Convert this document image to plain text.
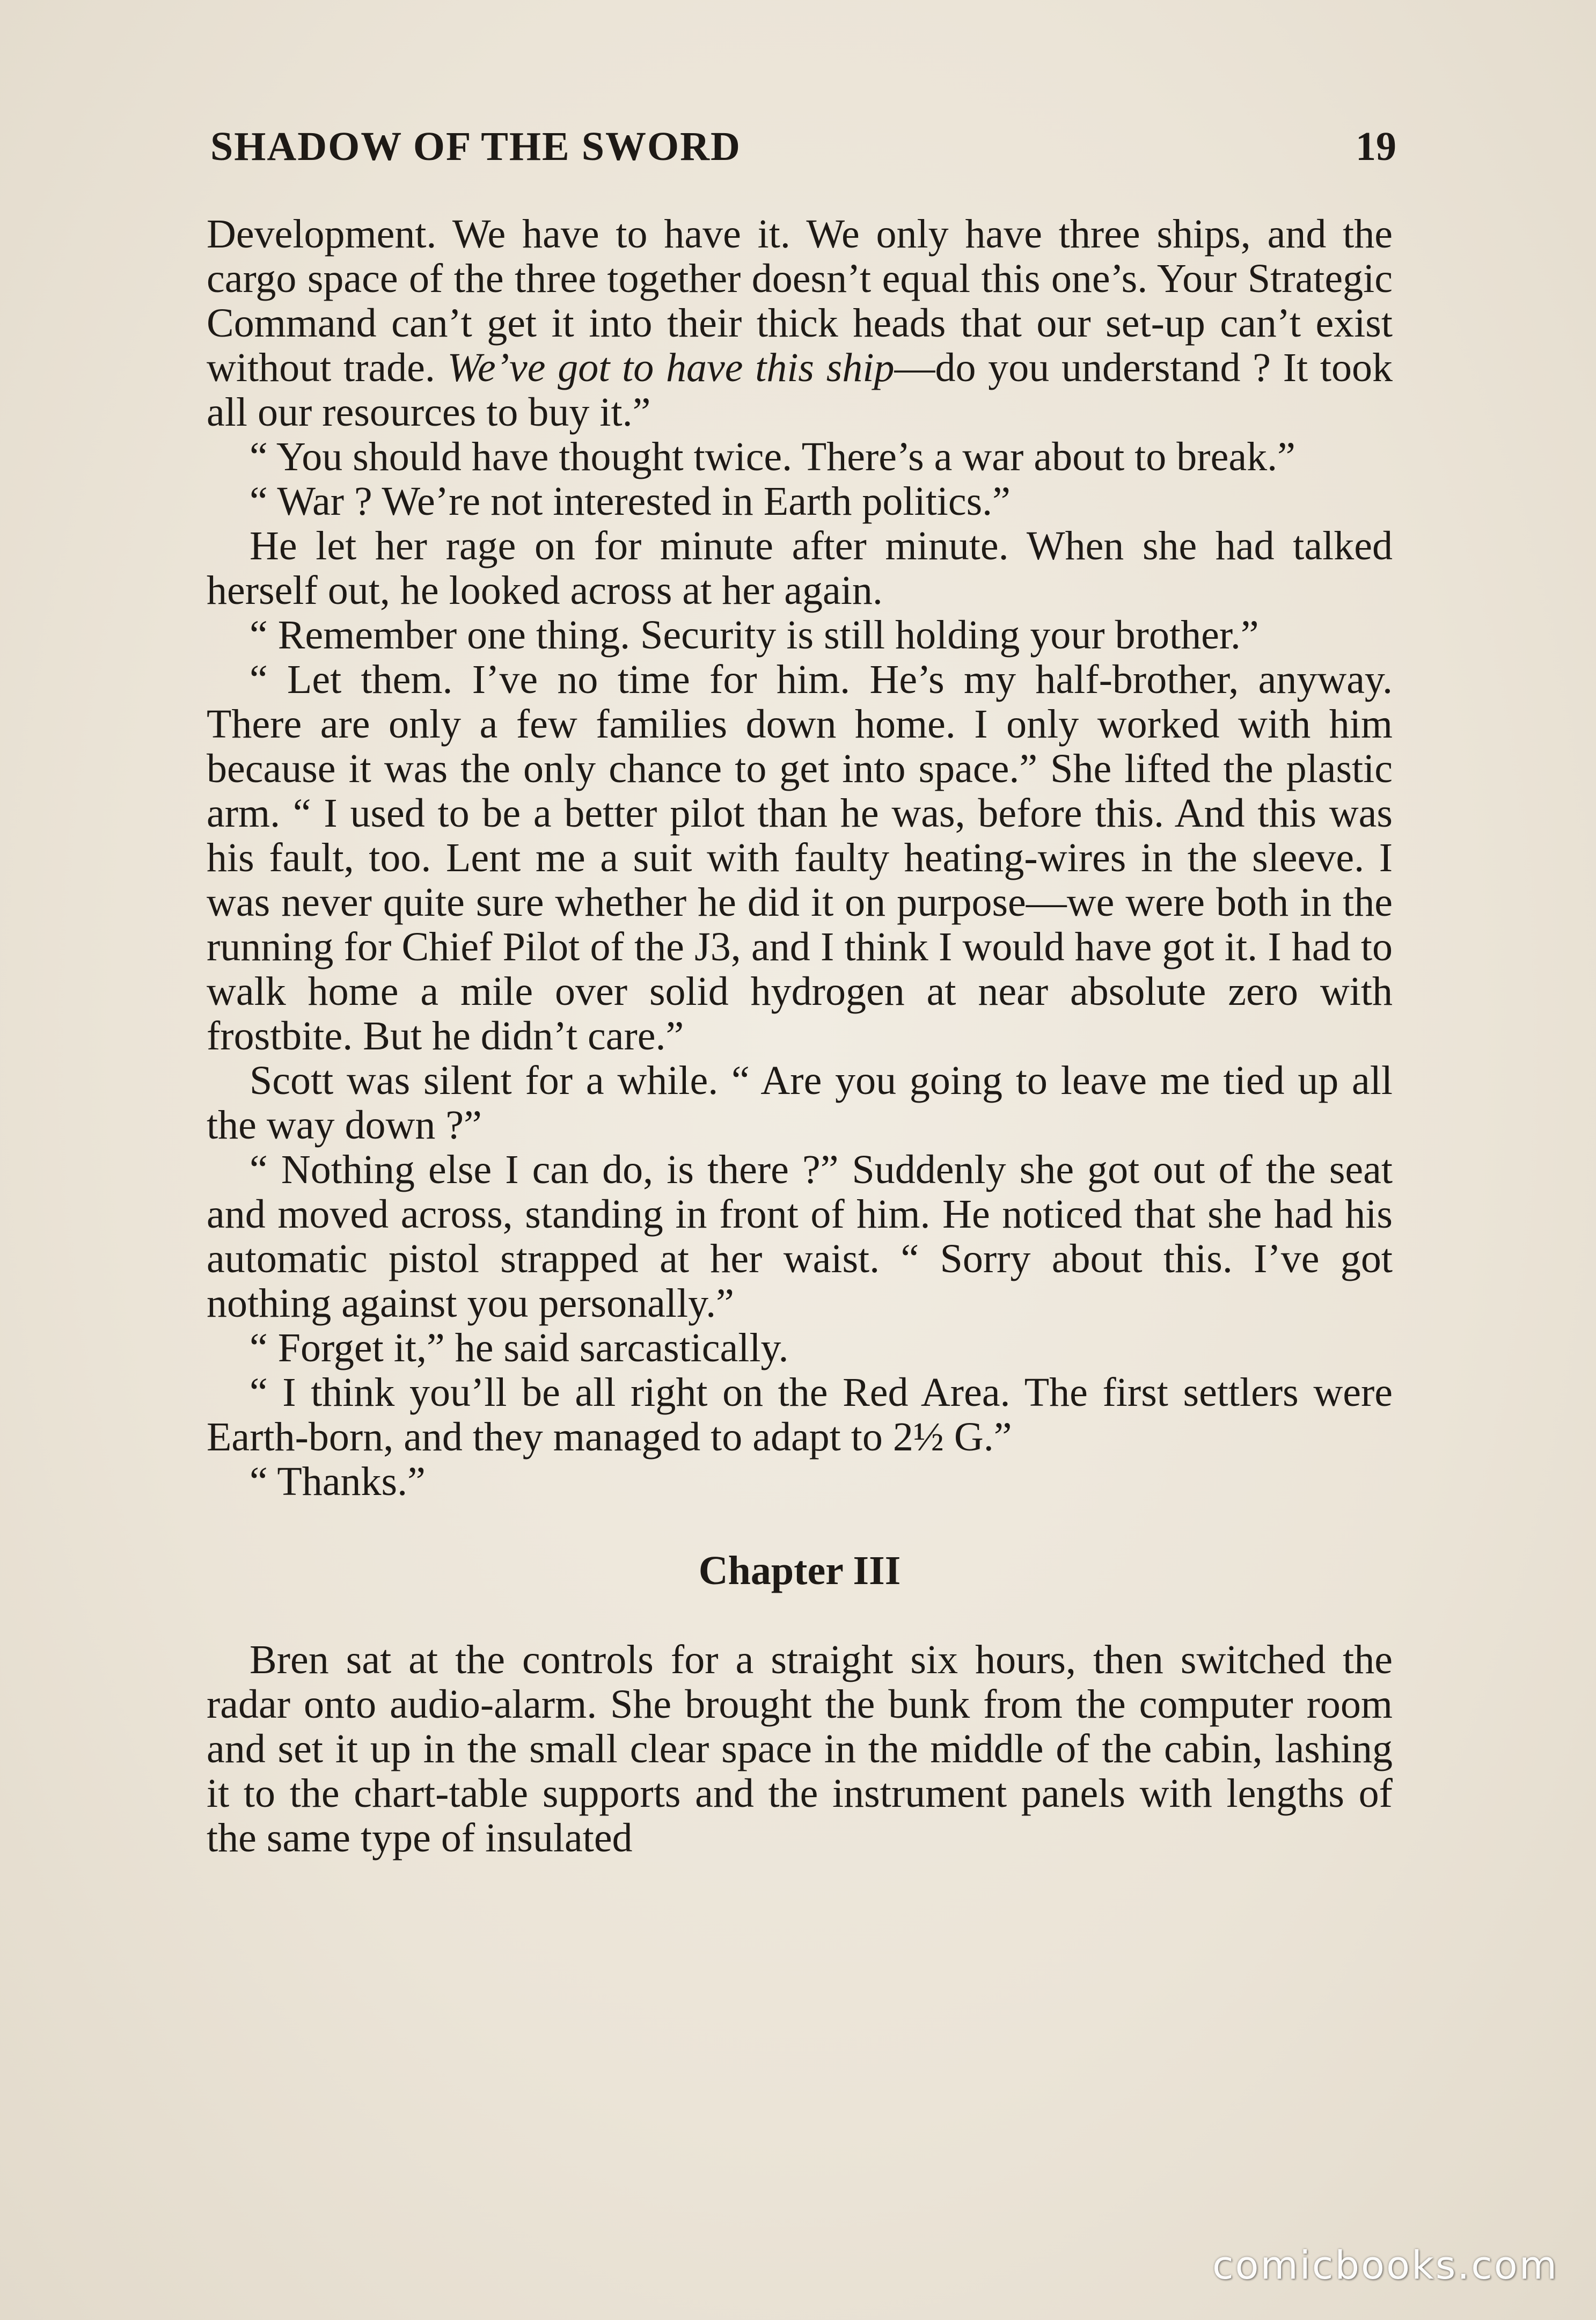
SHADOW OF THE SWORD	19

Development. We have to have it. We only have three ships, and the cargo space of the three together doesn’t equal this one’s. Your Strategic Command can’t get it into their thick heads that our set-up can’t exist without trade. We’ve got to have this ship—do you understand ? It took all our resources to buy it.”

“ You should have thought twice. There’s a war about to break.”

“ War ? We’re not interested in Earth politics.”

He let her rage on for minute after minute. When she had talked herself out, he looked across at her again.

“ Remember one thing. Security is still holding your brother.”

“ Let them. I’ve no time for him. He’s my half-brother, anyway. There are only a few families down home. I only worked with him because it was the only chance to get into space.” She lifted the plastic arm. “ I used to be a better pilot than he was, before this. And this was his fault, too. Lent me a suit with faulty heating-wires in the sleeve. I was never quite sure whether he did it on purpose—we were both in the running for Chief Pilot of the J3, and I think I would have got it. I had to walk home a mile over solid hydrogen at near absolute zero with frostbite. But he didn’t care.”

Scott was silent for a while. “ Are you going to leave me tied up all the way down ?”

“ Nothing else I can do, is there ?” Suddenly she got out of the seat and moved across, standing in front of him. He noticed that she had his automatic pistol strapped at her waist. “ Sorry about this. I’ve got nothing against you personally.”

“ Forget it,” he said sarcastically.

“ I think you’ll be all right on the Red Area. The first settlers were Earth-born, and they managed to adapt to 2½ G.”

“ Thanks.”

Chapter III

Bren sat at the controls for a straight six hours, then switched the radar onto audio-alarm. She brought the bunk from the computer room and set it up in the small clear space in the middle of the cabin, lashing it to the chart-table supports and the instrument panels with lengths of the same type of insulated

comicbooks.com
